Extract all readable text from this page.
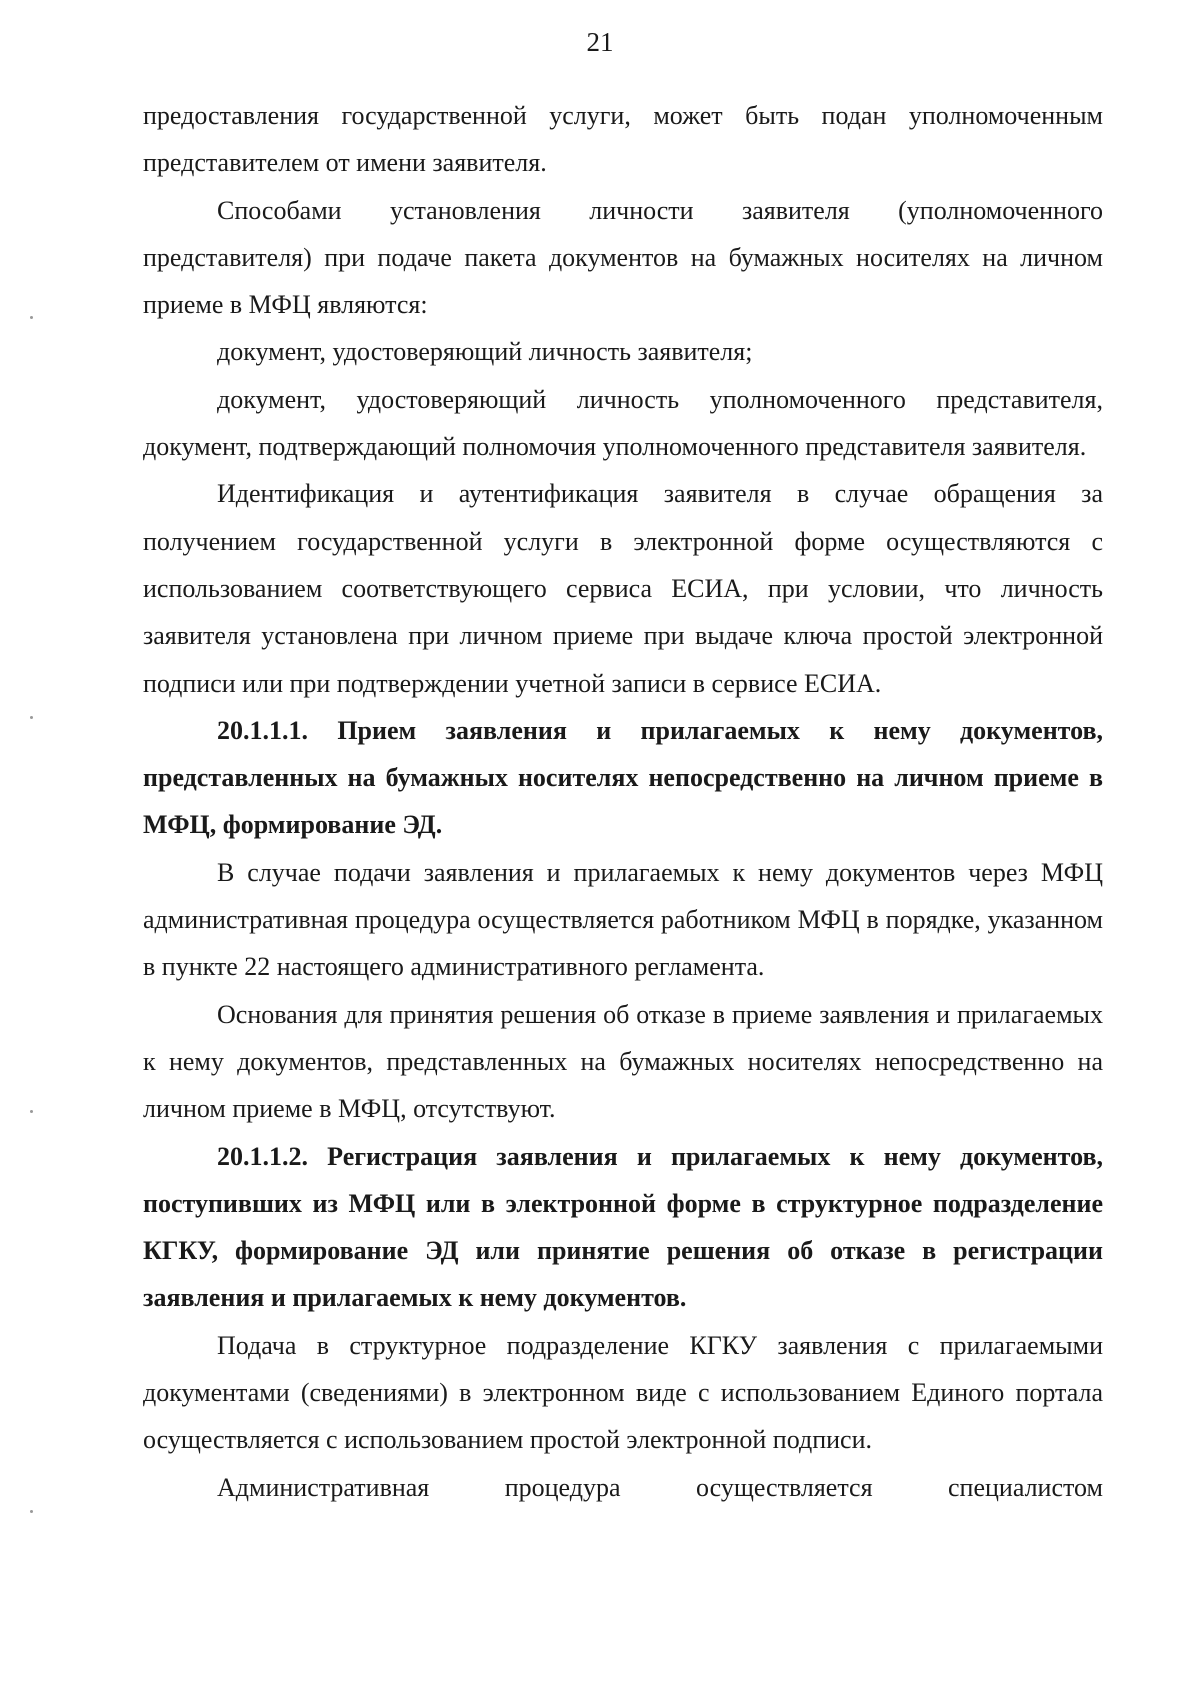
21

предоставления государственной услуги, может быть подан уполномоченным представителем от имени заявителя.

Способами установления личности заявителя (уполномоченного представителя) при подаче пакета документов на бумажных носителях на личном приеме в МФЦ являются:

документ, удостоверяющий личность заявителя;

документ, удостоверяющий личность уполномоченного представителя, документ, подтверждающий полномочия уполномоченного представителя заявителя.

Идентификация и аутентификация заявителя в случае обращения за получением государственной услуги в электронной форме осуществляются с использованием соответствующего сервиса ЕСИА, при условии, что личность заявителя установлена при личном приеме при выдаче ключа простой электронной подписи или при подтверждении учетной записи в сервисе ЕСИА.

20.1.1.1. Прием заявления и прилагаемых к нему документов, представленных на бумажных носителях непосредственно на личном приеме в МФЦ, формирование ЭД.

В случае подачи заявления и прилагаемых к нему документов через МФЦ административная процедура осуществляется работником МФЦ в порядке, указанном в пункте 22 настоящего административного регламента.

Основания для принятия решения об отказе в приеме заявления и прилагаемых к нему документов, представленных на бумажных носителях непосредственно на личном приеме в МФЦ, отсутствуют.

20.1.1.2. Регистрация заявления и прилагаемых к нему документов, поступивших из МФЦ или в электронной форме в структурное подразделение КГКУ, формирование ЭД или принятие решения об отказе в регистрации заявления и прилагаемых к нему документов.

Подача в структурное подразделение КГКУ заявления с прилагаемыми документами (сведениями) в электронном виде с использованием Единого портала осуществляется с использованием простой электронной подписи.

Административная процедура осуществляется специалистом
